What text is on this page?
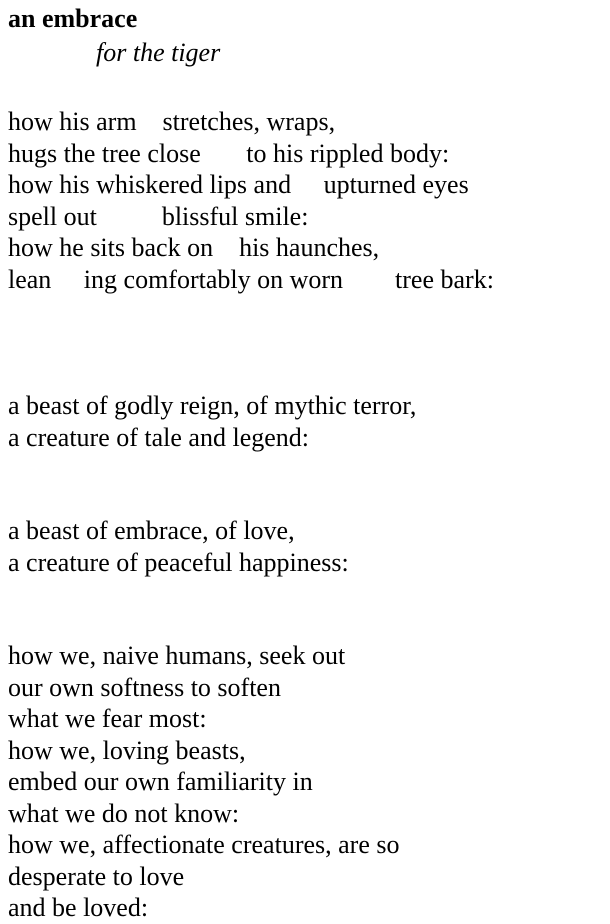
an embrace
for the tiger
how his arm    stretches, wraps,
hugs the tree close       to his rippled body:
how his whiskered lips and     upturned eyes
spell out          blissful smile:
how he sits back on    his haunches,
lean     ing comfortably on worn        tree bark:
a beast of godly reign, of mythic terror,
a creature of tale and legend:
a beast of embrace, of love,
a creature of peaceful happiness:
how we, naive humans, seek out
our own softness to soften
what we fear most:
how we, loving beasts,
embed our own familiarity in
what we do not know:
how we, affectionate creatures, are so
desperate to love
and be loved:
